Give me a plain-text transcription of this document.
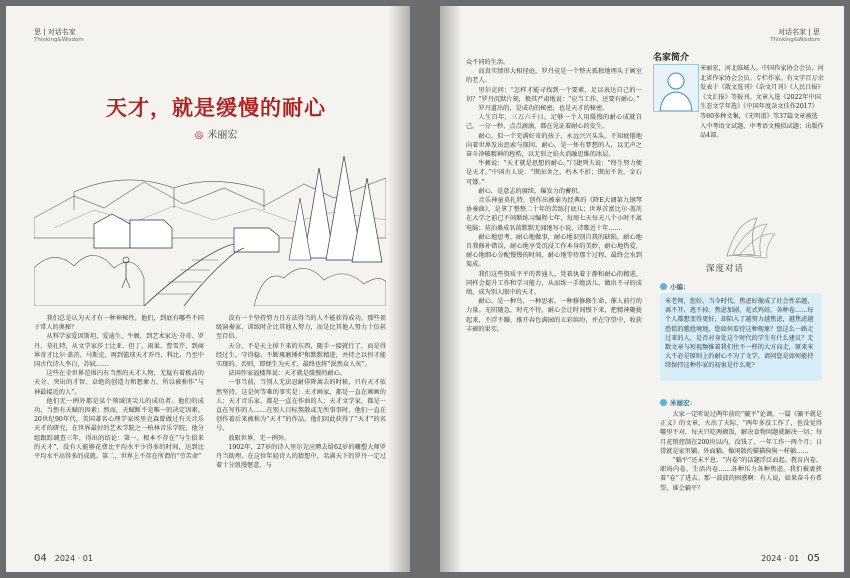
思 | 对话名家
Thinking&Wisdom
天才，就是缓慢的耐心
◎ 米丽宏

我们总是认为天才有一种神秘性，他们，到底有哪些不同于常人的奥秘？

从科学家爱因斯坦、爱迪生、牛顿，到艺术家达·芬奇、罗丹、莫扎特，从文学家莎士比亚、但丁、雨果、曹雪芹，到商界奇才比尔·盖茨、马斯克，再到篮球天才乔丹、科比，乃至中国古代诗人李白、苏轼……

这些在全世界范围内有当然的天才人物，无疑有着极高的天分、突出的才智、卓绝的创造力和想象力，所以被称作“与神最接近的人”。

他们无一例外都是某个领域顶尖儿的成功者。他们的成功，当然有天赋的因素；然而，天赋断不是唯一的决定因素。20世纪90年代，美国著名心理学家埃里克森曾做过有关音乐天才的研究，在世界最好的艺术学院之一柏林音乐学院，他分组跟踪调查三年，得出的结论：第一，根本不存在“与生俱来的天才”，没有人能够花费比平均水平少得多的时间，达到比平均水平高得多的成就。第二，世界上不存在所谓的“劳苦命”

没有一个坚持努力且方法得当的人不能获得成功。那些顶级演奏家，训练时企比其他人努力，而是比其他人努力十倍甚至百倍。

天分，不是天上掉下来的东西，随手一接就行了，而是得经过生、守得稳、不断琢磨锤炉和默默精进，并持之以恒才能实现的。否则，即便生为天才，最终也将“泯然众人矣”。

法国作家福楼拜说：天才就是缓慢的耐心。

一事当前，当别人无法忍耐佯降离去的时候，只有天才依然坚持。这是何等难的事实是：天才画家，都是一直在画画的人；天才音乐家，都是一直在作曲的人；天才文学家，都是一直在写作的人……在别人目标熬散或无所事事时，他们一直在创作着后来被称为“天才”的作品。他们因此获得了“天才”的名号。

放眼世界，无一例外。

1902年，27岁的诗人里尔克应聘去给62岁的雕塑大师罗丹当助理。在这位年轻诗人的猜想中，名满天下的罗丹一定过着十分浪漫惬意、与

04 2024 · 01
对话名家 | 思
Thinking&Wisdom

众不同的生活。

而真实情形大相径庭，罗丹竟是一个整天孤独地埋头于画室的老人。

里尔克问：“怎样才能寻找到一个要素，足以表达自己的一切？”罗丹沉默片刻，极其严肃地说：“应当工作，还要有耐心。”

罗丹道出的，是成功的秘密，也是天才的秘密。

人生百年，三万六千日。足够一个人用缓慢的耐心成就自己，一分一秒，点点滴滴，都在见证着耐心的发生。

耐心，似一个充满好奇的孩子，永远兴兴头头。不知疲倦地向着世界发出思索与探问。耐心，是一怀有梦想的人，以无声之奋斗净破精神的桎梏，以无形之焰火消融思维的冰层。

牛顿说：“天才就是思想的耐心。”门捷列夫说：“终生努力便是天才。”中国古人说：“锲而舍之，朽木不折；锲而不舍，金石可镂。”

耐心，是意志的赓续，爆发力的蓄积。

音乐神童莫扎特，创作出被奉为经典的《降E大调第九钢琴协奏曲》，是拿了整整二十年的苦练打底儿；世界首富比尔·盖茨在大学之前已不间断练习编程七年，每周七天每天八个小时不离电脑；莫泊桑成名前默默无闻地写小说，诗歌近十年……

耐心地思考，耐心地做事，耐心地识别自我的缺陷，耐心地自我修补错误，耐心地享受沉浸工作本身的美妙，耐心地热爱，耐心地细心分配慢慢的时间，耐心地等待那个过程，最终会水到渠成。

我们这些资质平平的普通人，凭着执着于静和耐心的精进，同样会提升工作和学习能力，从而练一手绝活儿，做出不寻的成绩，成为别人眼中的天才。

耐心，是一种鸟，一种思索，一种修修修生命，催人前行的力量。光阴随急，时光不待，耐心会让时间慢下来，把精神聚拢起来，不浮不躁，推开春色满园的五彩缤纷，并在守望中，收获丰硕的果实。

名家简介

米丽宏，河北临城人。中国作家协会会员，河北省作家协会会员。专栏作家。有文字百万余发表于《散文选刊》《杂文月刊》《人民日报》《文汇报》等报刊。文章入选《2022年中国生态文学年选》《中国年度杂文佳作2017》等60多种文集，《光明谱》等37篇文章被选入中考语文试题、中考语文模拟试题；出版作品4部。

深度对话
小编：

米老师，您好。当今时代，焦虑好像成了社会性话题，离不开、逃不掉。焦虑加剧，花式鸡娃，各种卷……每个人都想变得更好，却陷入了越努力越焦虑，越焦虑越恐慌的尴尬境地，您如何看待这种现象？您这么一路走过来的人，是否对身处这个时代的学生有什么建议？无数文章与短视频推着我们往不一样的大方向走，原来米大不必是原则上的耐心不为了文学，请问您是如何能持续保持这种作家的初衷是什么呢？

米丽宏：

大家一定听说过两年前的“躺平”论调。一篇《躺平就是正义》的文章，火出了天际，“两年多没工作了，也没觉得哪里不对，每天只吃两顿饭，解决食物问题就解决一切；每月花销控制在200块以内，没钱了，一年工作一两个月；日常就是家里躺，外面躺。像闲散的猫猫狗狗一样躺……

“躺平”还未平息，“内卷”的话题浮泛而起。教育内卷、职场内卷、生活内卷……各种压力各种焦虑。我们被裹挟着“卷”了进去。那一波波的困惑啊：有人说，如果奋斗有希望，谁会躺平？

2024 · 01 05
